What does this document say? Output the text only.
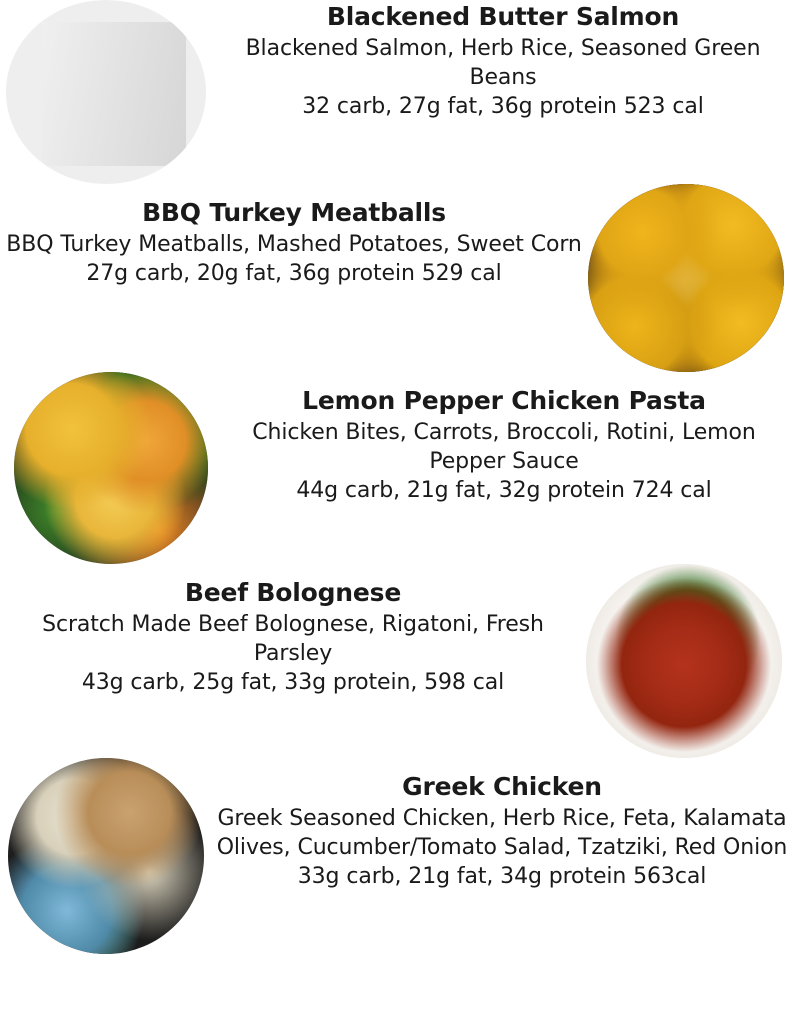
Blackened Butter Salmon
Blackened Salmon, Herb Rice, Seasoned Green Beans
32 carb, 27g fat, 36g protein 523 cal
BBQ Turkey Meatballs
BBQ Turkey Meatballs, Mashed Potatoes, Sweet Corn
27g carb, 20g fat, 36g protein 529 cal
Lemon Pepper Chicken Pasta
Chicken Bites, Carrots, Broccoli, Rotini, Lemon Pepper Sauce
44g carb, 21g fat, 32g protein 724 cal
Beef Bolognese
Scratch Made Beef Bolognese, Rigatoni, Fresh Parsley
43g carb, 25g fat, 33g protein, 598 cal
Greek Chicken
Greek Seasoned Chicken, Herb Rice, Feta, Kalamata Olives, Cucumber/Tomato Salad, Tzatziki, Red Onion
33g carb, 21g fat, 34g protein 563cal
